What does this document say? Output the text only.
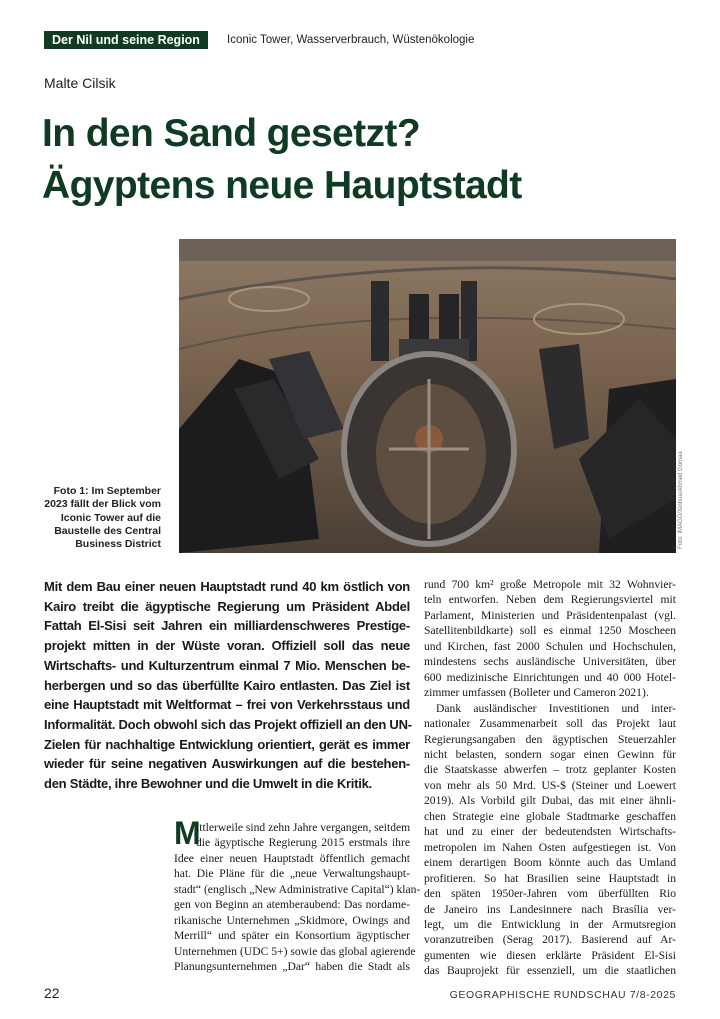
Der Nil und seine Region	Iconic Tower, Wasserverbrauch, Wüstenökologie
Malte Cilsik
In den Sand gesetzt?
Ägyptens neue Hauptstadt
Foto: IMAGO/Xinhua/Ahmed Gomaa
Foto 1: Im September
2023 fällt der Blick vom
Iconic Tower auf die
Baustelle des Central
Business District
Mit dem Bau einer neuen Hauptstadt rund 40 km östlich von
Kairo treibt die ägyptische Regierung um Präsident Abdel
Fattah El-Sisi seit Jahren ein milliardenschweres Prestige-
projekt mitten in der Wüste voran. Offiziell soll das neue
Wirtschafts- und Kulturzentrum einmal 7 Mio. Menschen be-
herbergen und so das überfüllte Kairo entlasten. Das Ziel ist
eine Hauptstadt mit Weltformat – frei von Verkehrsstaus und
Informalität. Doch obwohl sich das Projekt offiziell an den UN-
Zielen für nachhaltige Entwicklung orientiert, gerät es immer
wieder für seine negativen Auswirkungen auf die bestehen-
den Städte, ihre Bewohner und die Umwelt in die Kritik.
M
ittlerweile sind zehn Jahre vergangen, seitdem
die ägyptische Regierung 2015 erstmals ihre
Idee einer neuen Hauptstadt öffentlich gemacht
hat. Die Pläne für die „neue Verwaltungshaupt-
stadt“ (englisch „New Administrative Capital“) klan-
gen von Beginn an atemberaubend: Das nordame-
rikanische Unternehmen „Skidmore, Owings and
Merrill“ und später ein Konsortium ägyptischer
Unternehmen (UDC 5+) sowie das global agierende
Planungsunternehmen „Dar“ haben die Stadt als
rund 700 km² große Metropole mit 32 Wohnvier-
teln entworfen. Neben dem Regierungsviertel mit
Parlament, Ministerien und Präsidentenpalast (vgl.
Satellitenbildkarte) soll es einmal 1250 Moscheen
und Kirchen, fast 2000 Schulen und Hochschulen,
mindestens sechs ausländische Universitäten, über
600 medizinische Einrichtungen und 40 000 Hotel-
zimmer umfassen (Bolleter und Cameron 2021).
Dank ausländischer Investitionen und inter-
nationaler Zusammenarbeit soll das Projekt laut
Regierungsangaben den ägyptischen Steuerzahler
nicht belasten, sondern sogar einen Gewinn für
die Staatskasse abwerfen – trotz geplanter Kosten
von mehr als 50 Mrd. US-$ (Steiner und Loewert
2019). Als Vorbild gilt Dubai, das mit einer ähnli-
chen Strategie eine globale Stadtmarke geschaffen
hat und zu einer der bedeutendsten Wirtschafts-
metropolen im Nahen Osten aufgestiegen ist. Von
einem derartigen Boom könnte auch das Umland
profitieren. So hat Brasilien seine Hauptstadt in
den späten 1950er-Jahren vom überfüllten Rio
de Janeiro ins Landesinnere nach Brasília ver-
legt, um die Entwicklung in der Armutsregion
voranzutreiben (Serag 2017). Basierend auf Ar-
gumenten wie diesen erklärte Präsident El-Sisi
das Bauprojekt für essenziell, um die staatlichen
22	GEOGRAPHISCHE RUNDSCHAU 7/8-2025
